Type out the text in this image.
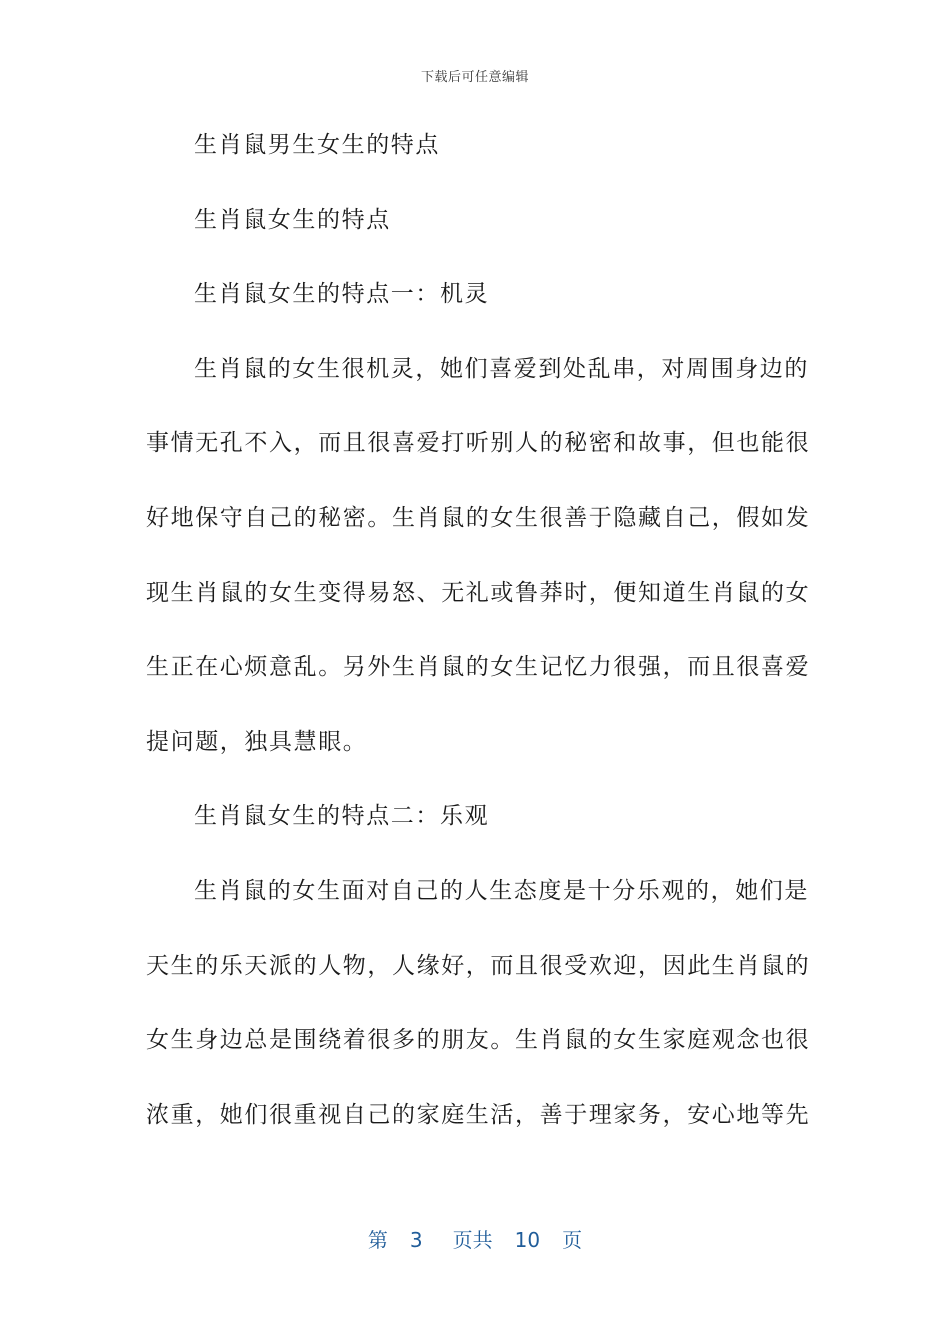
下载后可任意编辑
生肖鼠男生女生的特点
生肖鼠女生的特点
生肖鼠女生的特点一：机灵
生肖鼠的女生很机灵，她们喜爱到处乱串，对周围身边的
事情无孔不入，而且很喜爱打听别人的秘密和故事，但也能很
好地保守自己的秘密。生肖鼠的女生很善于隐藏自己，假如发
现生肖鼠的女生变得易怒、无礼或鲁莽时，便知道生肖鼠的女
生正在心烦意乱。另外生肖鼠的女生记忆力很强，而且很喜爱
提问题，独具慧眼。
生肖鼠女生的特点二：乐观
生肖鼠的女生面对自己的人生态度是十分乐观的，她们是
天生的乐天派的人物，人缘好，而且很受欢迎，因此生肖鼠的
女生身边总是围绕着很多的朋友。生肖鼠的女生家庭观念也很
浓重，她们很重视自己的家庭生活，善于理家务，安心地等先
第 3 页共 10 页
